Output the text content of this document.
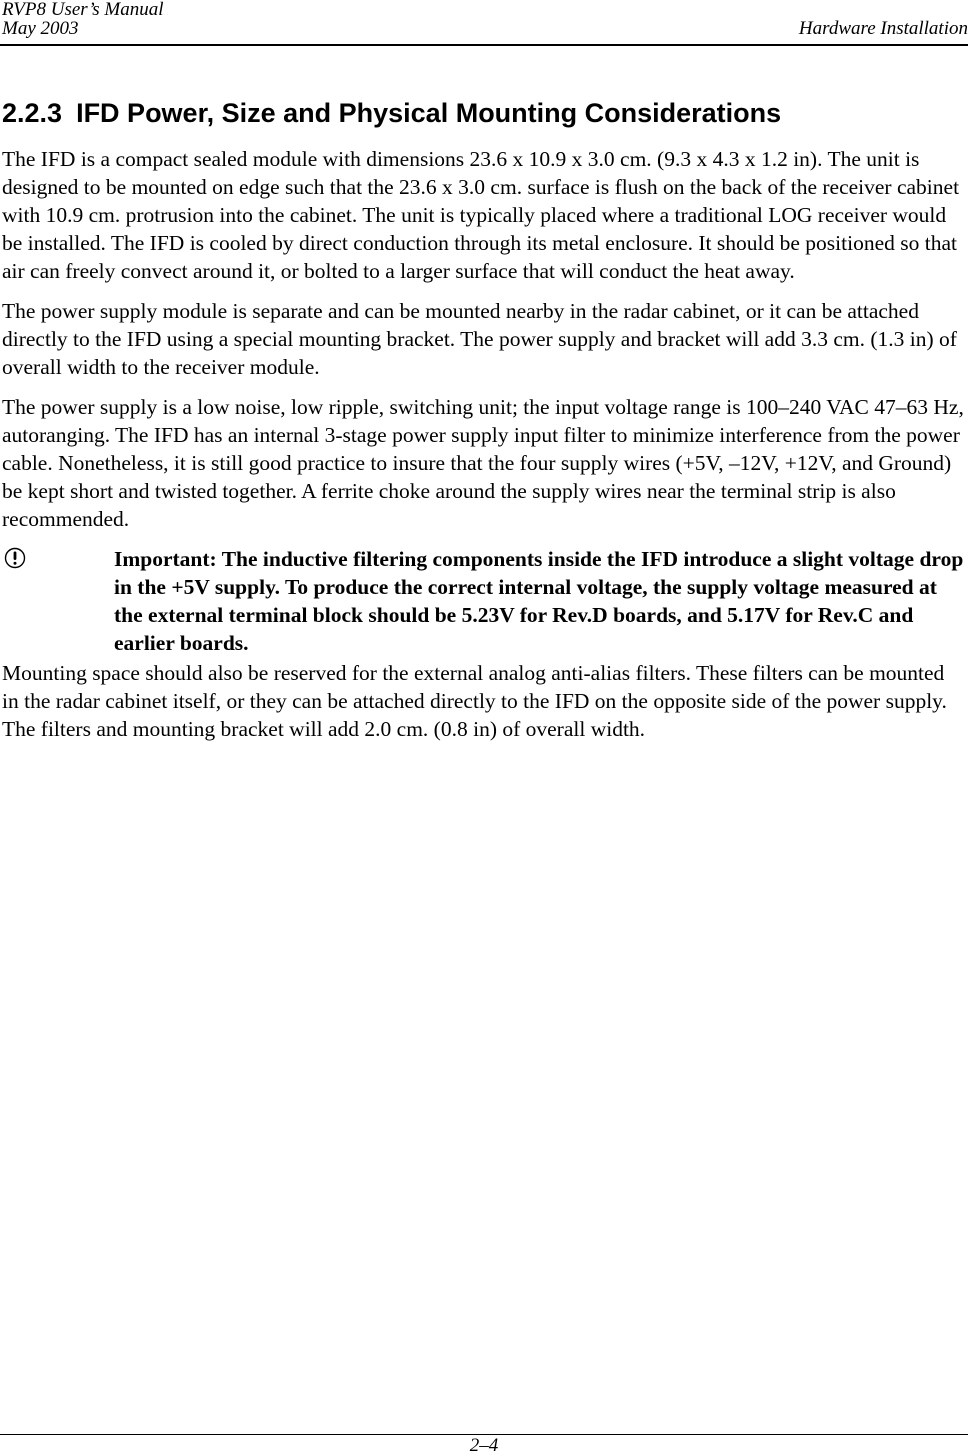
RVP8 User’s Manual
May 2003	Hardware Installation
2.2.3 IFD Power, Size and Physical Mounting Considerations

The IFD is a compact sealed module with dimensions 23.6 x 10.9 x 3.0 cm. (9.3 x 4.3 x 1.2 in). The unit is designed to be mounted on edge such that the 23.6 x 3.0 cm. surface is flush on the back of the receiver cabinet with 10.9 cm. protrusion into the cabinet. The unit is typically placed where a traditional LOG receiver would be installed. The IFD is cooled by direct conduction through its metal enclosure. It should be positioned so that air can freely convect around it, or bolted to a larger surface that will conduct the heat away.

The power supply module is separate and can be mounted nearby in the radar cabinet, or it can be attached directly to the IFD using a special mounting bracket. The power supply and bracket will add 3.3 cm. (1.3 in) of overall width to the receiver module.

The power supply is a low noise, low ripple, switching unit; the input voltage range is 100–240 VAC 47–63 Hz, autoranging. The IFD has an internal 3-stage power supply input filter to minimize interference from the power cable. Nonetheless, it is still good practice to insure that the four supply wires (+5V, –12V, +12V, and Ground) be kept short and twisted together. A ferrite choke around the supply wires near the terminal strip is also recommended.

Important: The inductive filtering components inside the IFD introduce a slight voltage drop in the +5V supply. To produce the correct internal voltage, the supply voltage measured at the external terminal block should be 5.23V for Rev.D boards, and 5.17V for Rev.C and earlier boards.

Mounting space should also be reserved for the external analog anti-alias filters. These filters can be mounted in the radar cabinet itself, or they can be attached directly to the IFD on the opposite side of the power supply. The filters and mounting bracket will add 2.0 cm. (0.8 in) of overall width.

2–4
